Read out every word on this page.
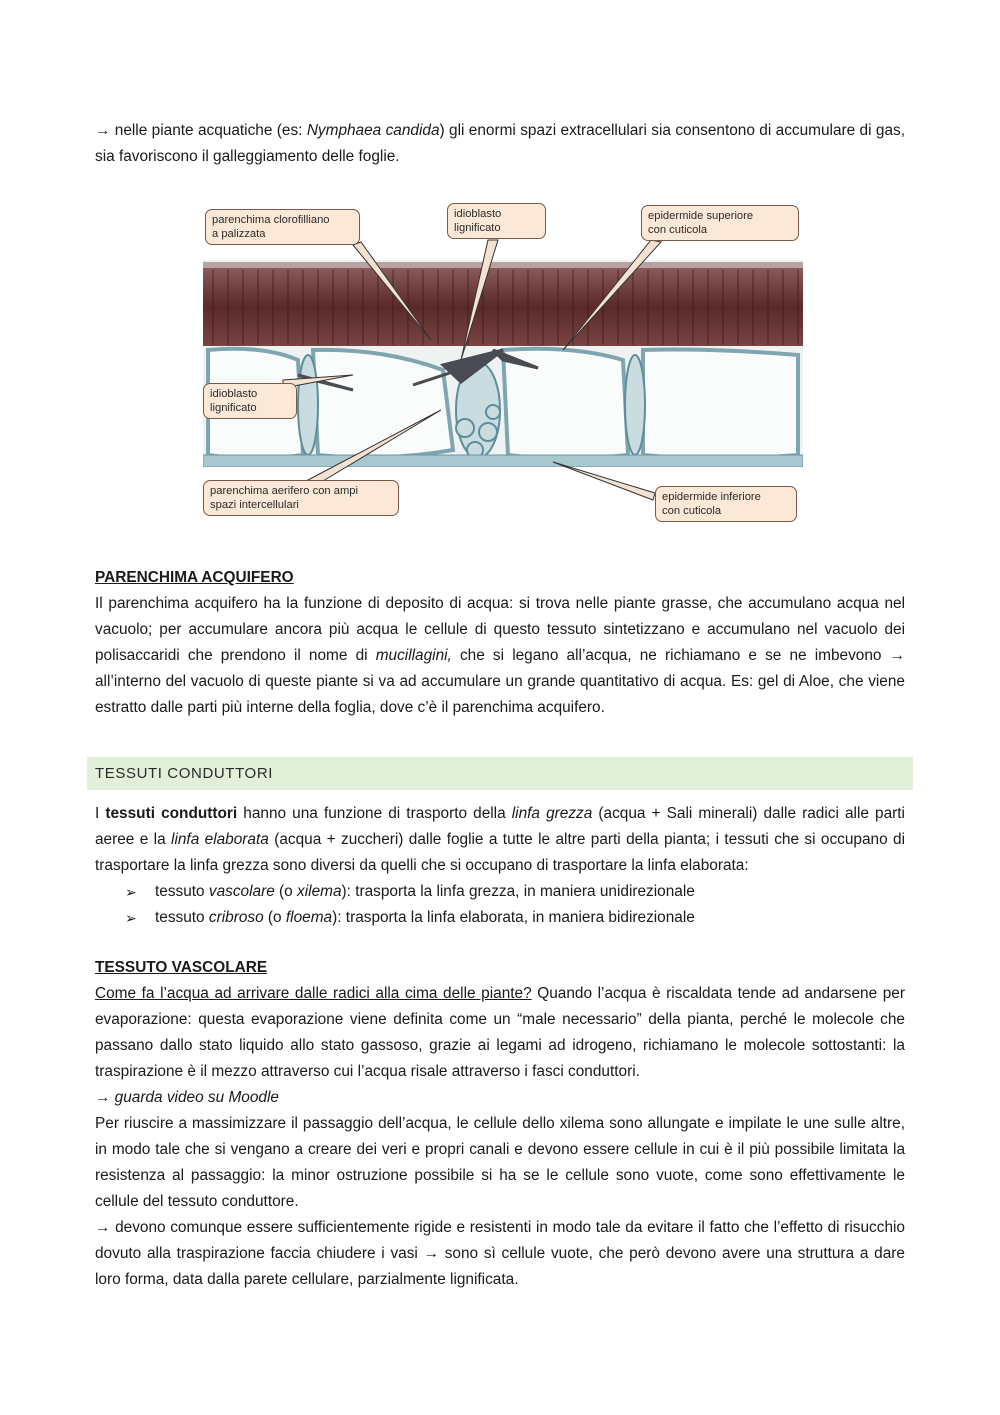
→ nelle piante acquatiche (es: Nymphaea candida) gli enormi spazi extracellulari sia consentono di accumulare di gas, sia favoriscono il galleggiamento delle foglie.

parenchima clorofilliano
a palizzata
idioblasto
lignificato
epidermide superiore
con cuticola
idioblasto
lignificato
parenchima aerifero con ampi
spazi intercellulari
epidermide inferiore
con cuticola
PARENCHIMA ACQUIFERO

Il parenchima acquifero ha la funzione di deposito di acqua: si trova nelle piante grasse, che accumulano acqua nel vacuolo; per accumulare ancora più acqua le cellule di questo tessuto sintetizzano e accumulano nel vacuolo dei polisaccaridi che prendono il nome di mucillagini, che si legano all’acqua, ne richiamano e se ne imbevono → all’interno del vacuolo di queste piante si va ad accumulare un grande quantitativo di acqua. Es: gel di Aloe, che viene estratto dalle parti più interne della foglia, dove c’è il parenchima acquifero.

TESSUTI CONDUTTORI

I tessuti conduttori hanno una funzione di trasporto della linfa grezza (acqua + Sali minerali) dalle radici alle parti aeree e la linfa elaborata (acqua + zuccheri) dalle foglie a tutte le altre parti della pianta; i tessuti che si occupano di trasportare la linfa grezza sono diversi da quelli che si occupano di trasportare la linfa elaborata:

➢ tessuto vascolare (o xilema): trasporta la linfa grezza, in maniera unidirezionale
➢ tessuto cribroso (o floema): trasporta la linfa elaborata, in maniera bidirezionale
TESSUTO VASCOLARE

Come fa l’acqua ad arrivare dalle radici alla cima delle piante? Quando l’acqua è riscaldata tende ad andarsene per evaporazione: questa evaporazione viene definita come un “male necessario” della pianta, perché le molecole che passano dallo stato liquido allo stato gassoso, grazie ai legami ad idrogeno, richiamano le molecole sottostanti: la traspirazione è il mezzo attraverso cui l’acqua risale attraverso i fasci conduttori.

→ guarda video su Moodle

Per riuscire a massimizzare il passaggio dell’acqua, le cellule dello xilema sono allungate e impilate le une sulle altre, in modo tale che si vengano a creare dei veri e propri canali e devono essere cellule in cui è il più possibile limitata la resistenza al passaggio: la minor ostruzione possibile si ha se le cellule sono vuote, come sono effettivamente le cellule del tessuto conduttore.

→ devono comunque essere sufficientemente rigide e resistenti in modo tale da evitare il fatto che l’effetto di risucchio dovuto alla traspirazione faccia chiudere i vasi → sono sì cellule vuote, che però devono avere una struttura a dare loro forma, data dalla parete cellulare, parzialmente lignificata.
